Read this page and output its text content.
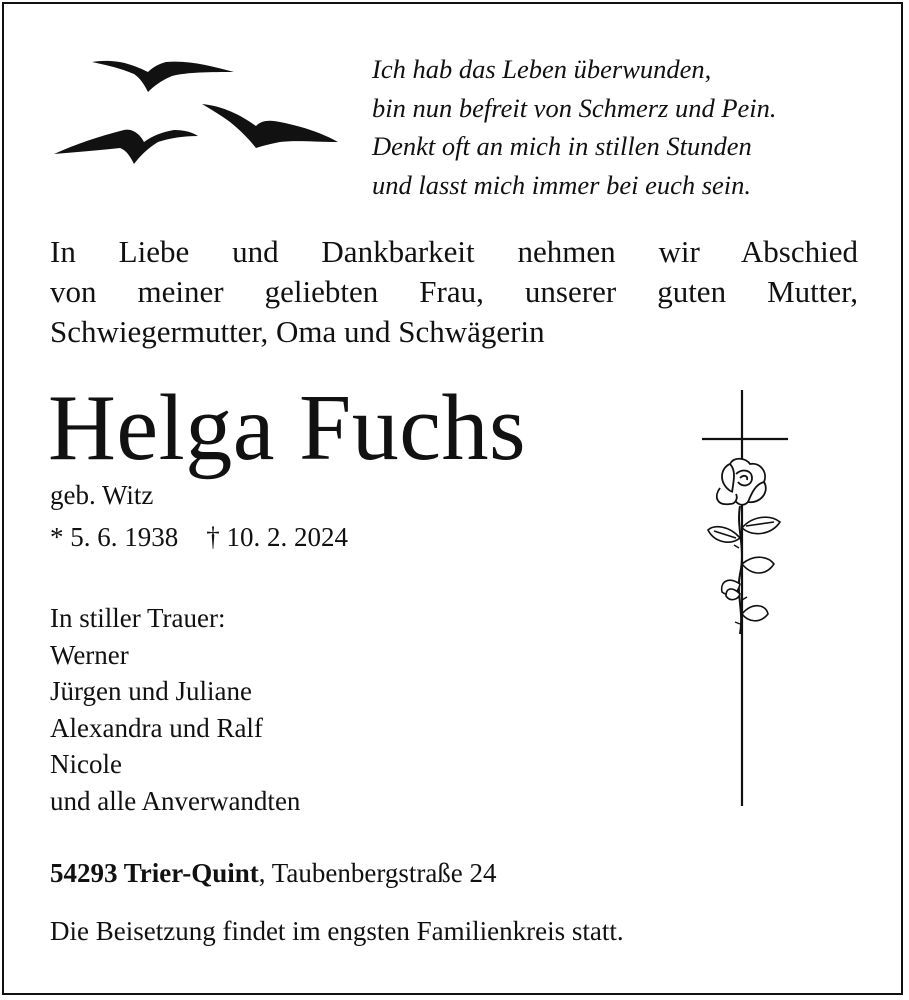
Ich hab das Leben überwunden,
bin nun befreit von Schmerz und Pein.
Denkt oft an mich in stillen Stunden
und lasst mich immer bei euch sein.
In Liebe und Dankbarkeit nehmen wir Abschied
von meiner geliebten Frau, unserer guten Mutter,
Schwiegermutter, Oma und Schwägerin
Helga Fuchs
geb. Witz
* 5. 6. 1938 † 10. 2. 2024
In stiller Trauer:
Werner
Jürgen und Juliane
Alexandra und Ralf
Nicole
und alle Anverwandten
54293 Trier-Quint, Taubenbergstraße 24
Die Beisetzung findet im engsten Familienkreis statt.
